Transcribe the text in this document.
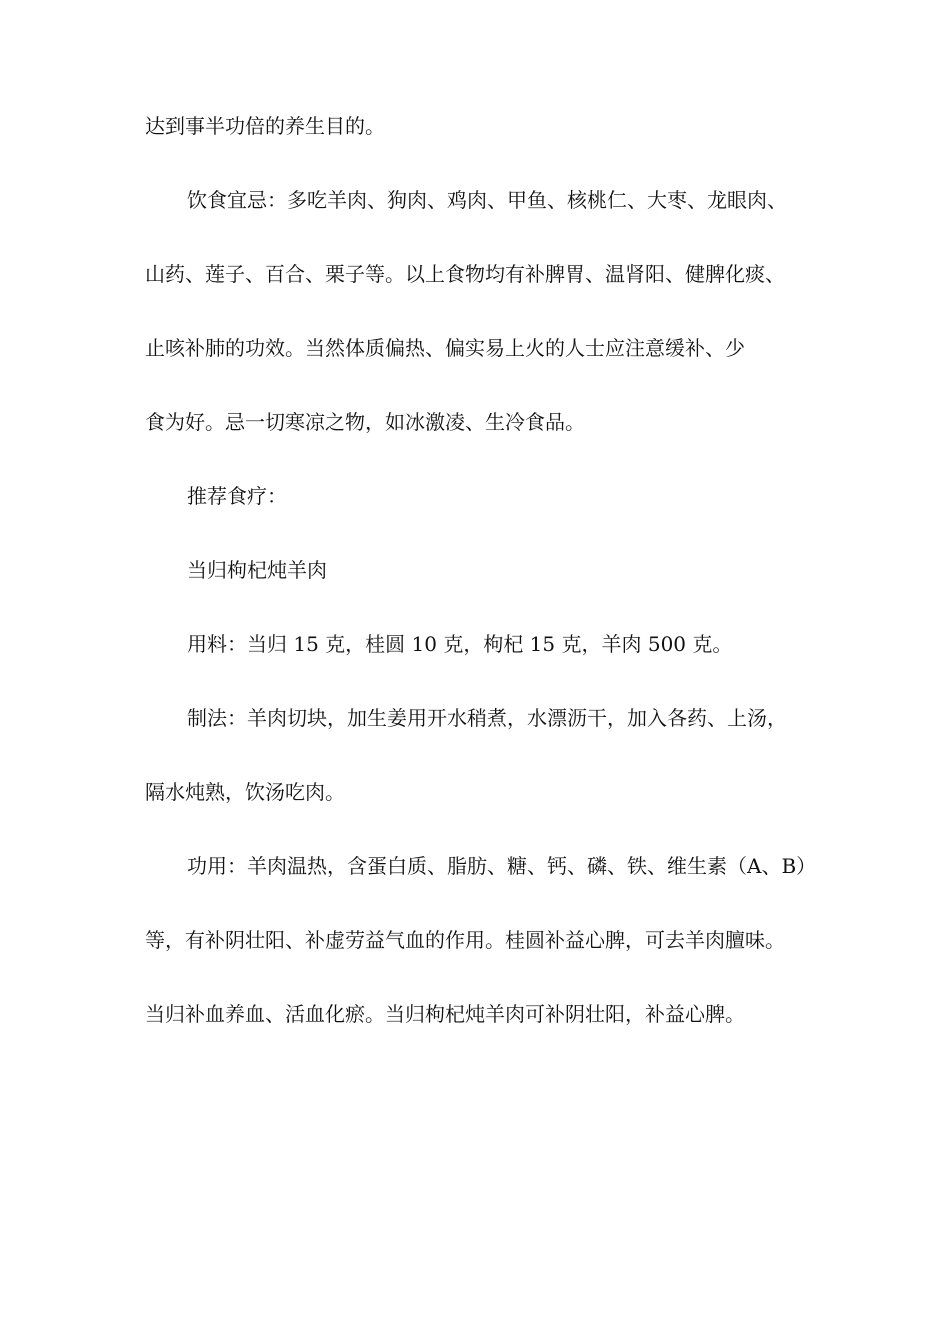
达到事半功倍的养生目的。
饮食宜忌：多吃羊肉、狗肉、鸡肉、甲鱼、核桃仁、大枣、龙眼肉、
山药、莲子、百合、栗子等。以上食物均有补脾胃、温肾阳、健脾化痰、
止咳补肺的功效。当然体质偏热、偏实易上火的人士应注意缓补、少
食为好。忌一切寒凉之物，如冰激凌、生冷食品。
推荐食疗：
当归枸杞炖羊肉
用料：当归 15 克，桂圆 10 克，枸杞 15 克，羊肉 500 克。
制法：羊肉切块，加生姜用开水稍煮，水漂沥干，加入各药、上汤，
隔水炖熟，饮汤吃肉。
功用：羊肉温热，含蛋白质、脂肪、糖、钙、磷、铁、维生素（A、B）
等，有补阴壮阳、补虚劳益气血的作用。桂圆补益心脾，可去羊肉膻味。
当归补血养血、活血化瘀。当归枸杞炖羊肉可补阴壮阳，补益心脾。
